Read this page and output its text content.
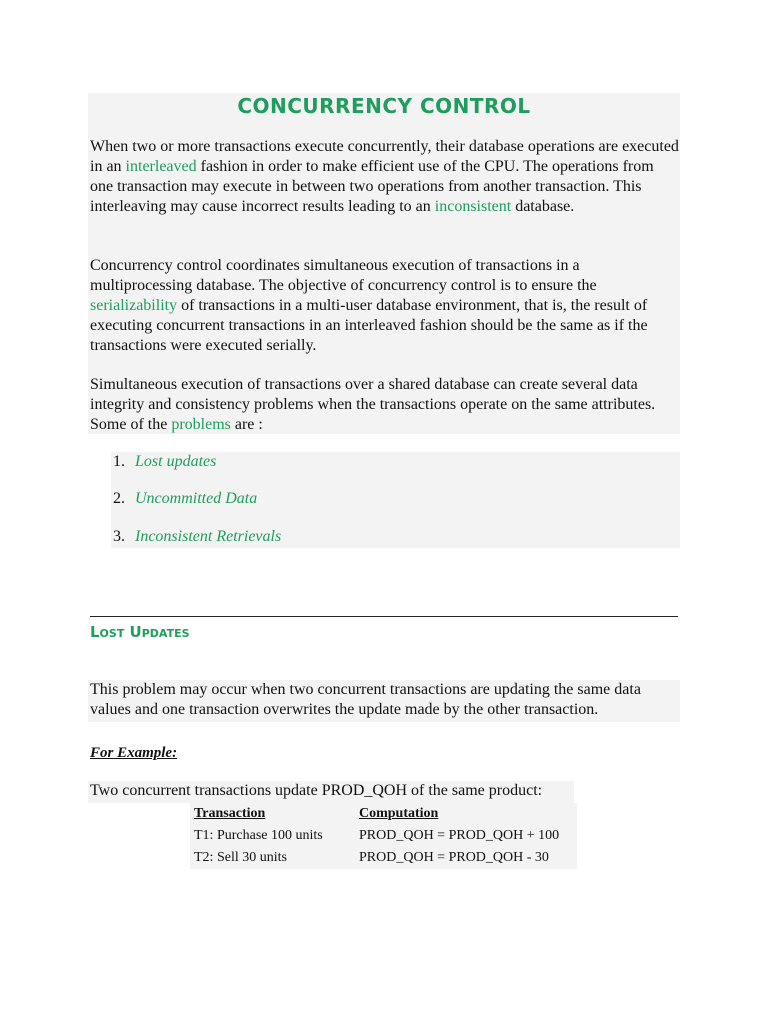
CONCURRENCY CONTROL

When two or more transactions execute concurrently, their database operations are executed in an interleaved fashion in order to make efficient use of the CPU. The operations from one transaction may execute in between two operations from another transaction. This interleaving may cause incorrect results leading to an inconsistent database.

Concurrency control coordinates simultaneous execution of transactions in a multiprocessing database. The objective of concurrency control is to ensure the serializability of transactions in a multi-user database environment, that is, the result of executing concurrent transactions in an interleaved fashion should be the same as if the transactions were executed serially.

Simultaneous execution of transactions over a shared database can create several data integrity and consistency problems when the transactions operate on the same attributes. Some of the problems are :

1. Lost updates
2. Uncommitted Data
3. Inconsistent Retrievals
Lost Updates

This problem may occur when two concurrent transactions are updating the same data values and one transaction overwrites the update made by the other transaction.

For Example:

Two concurrent transactions update PROD_QOH of the same product:

Transaction	Computation
T1: Purchase 100 units	PROD_QOH = PROD_QOH + 100
T2: Sell 30 units	PROD_QOH = PROD_QOH - 30
